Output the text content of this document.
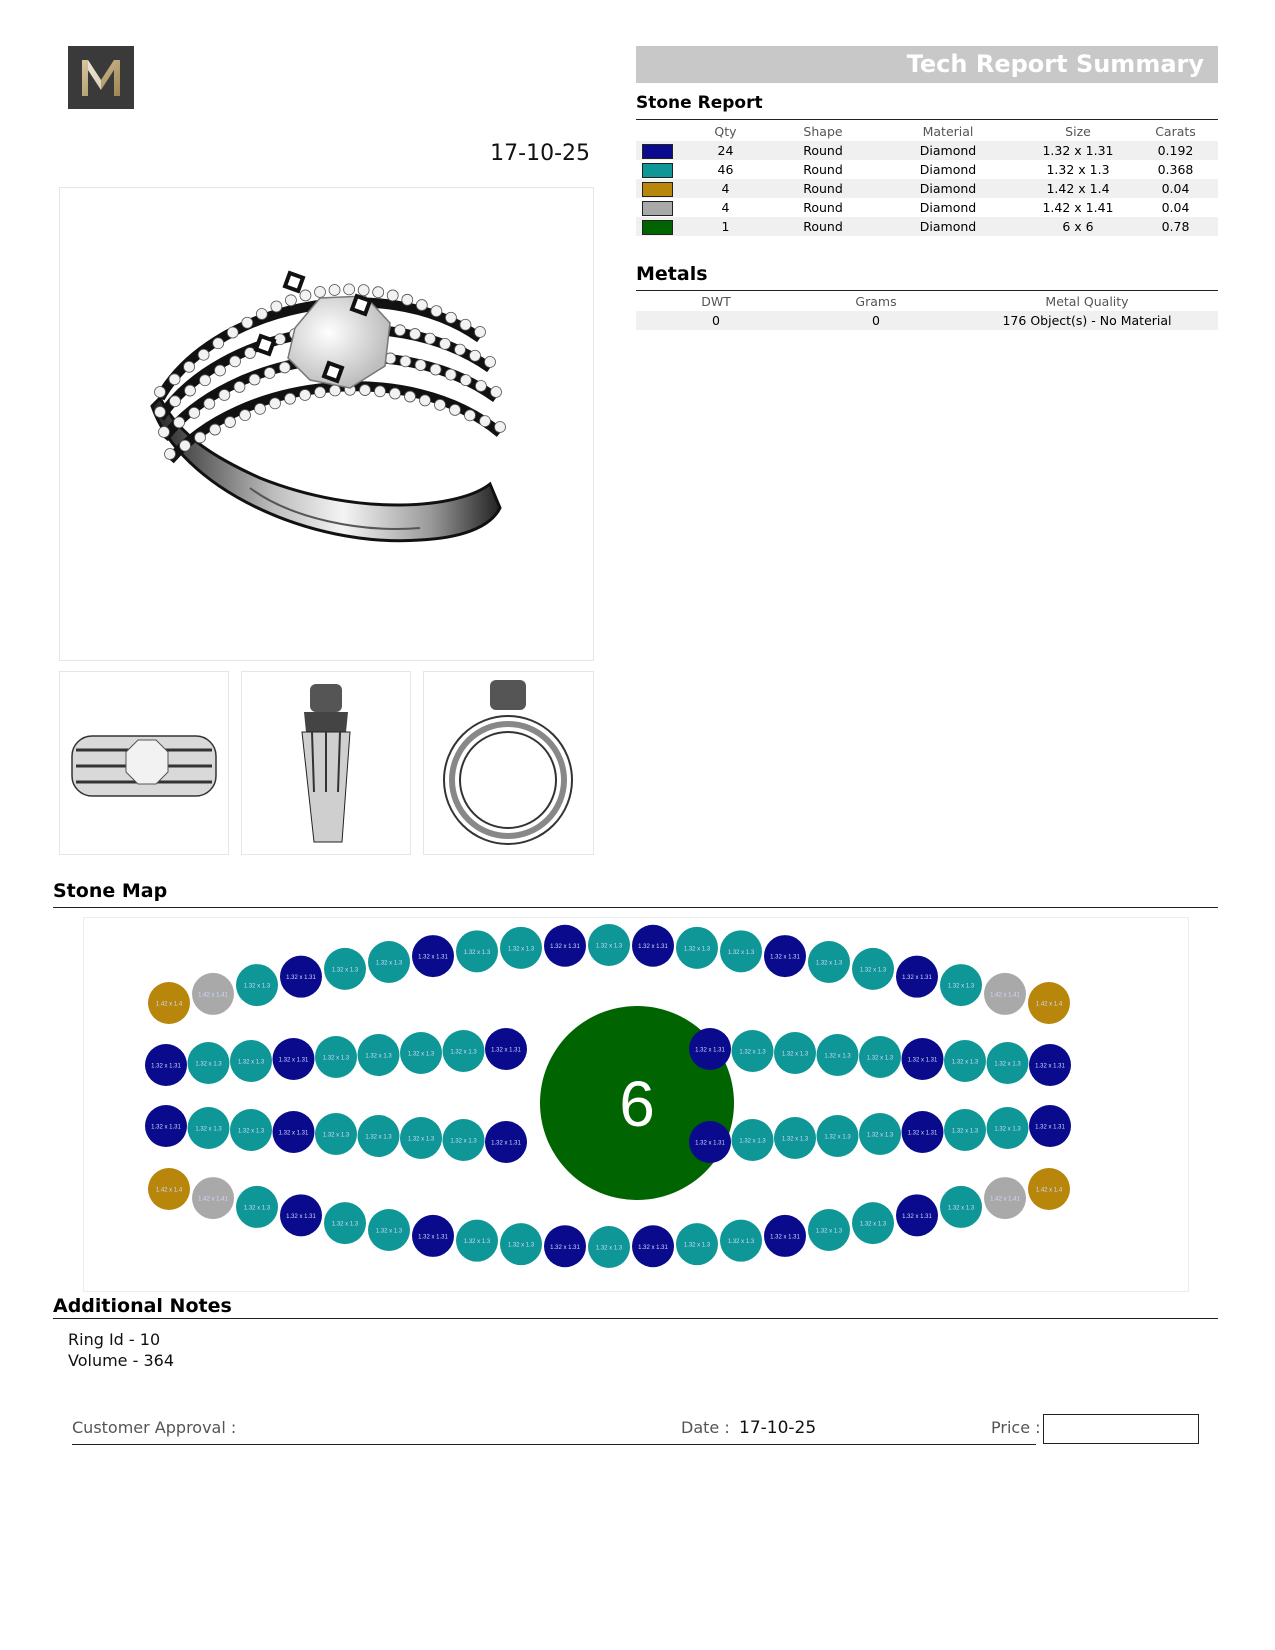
17-10-25
Tech Report Summary
Stone Report
	Qty	Shape	Material	Size	Carats
	24	Round	Diamond	1.32 x 1.31	0.192
	46	Round	Diamond	1.32 x 1.3	0.368
	4	Round	Diamond	1.42 x 1.4	0.04
	4	Round	Diamond	1.42 x 1.41	0.04
	1	Round	Diamond	6 x 6	0.78
Metals
DWT	Grams	Metal Quality
0	0	176 Object(s) - No Material
Stone Map
6
1.42 x 1.4
1.42 x 1.41
1.32 x 1.3
1.32 x 1.31
1.32 x 1.3
1.32 x 1.3
1.32 x 1.31
1.32 x 1.3
1.32 x 1.3	1.32 x 1.31	1.32 x 1.3	1.32 x 1.31	1.32 x 1.3
1.32 x 1.3
1.32 x 1.31
1.32 x 1.3
1.32 x 1.3
1.32 x 1.31
1.32 x 1.3
1.42 x 1.41
1.42 x 1.4
1.42 x 1.4
1.42 x 1.41
1.32 x 1.3
1.32 x 1.31
1.32 x 1.3
1.32 x 1.3
1.32 x 1.31
1.32 x 1.3
1.32 x 1.3	1.32 x 1.31	1.32 x 1.3	1.32 x 1.31	1.32 x 1.3
1.32 x 1.3
1.32 x 1.31
1.32 x 1.3
1.32 x 1.3
1.32 x 1.31
1.32 x 1.3
1.42 x 1.41
1.42 x 1.4
1.32 x 1.31 1.32 x 1.3	1.32 x 1.3 1.32 x 1.31 1.32 x 1.3	1.32 x 1.3	1.32 x 1.3	1.32 x 1.3 1.32 x 1.31	1.32 x 1.31 1.32 x 1.3	1.32 x 1.3	1.32 x 1.3	1.32 x 1.3 1.32 x 1.31 1.32 x 1.3	1.32 x 1.3 1.32 x 1.31
1.32 x 1.31 1.32 x 1.3	1.32 x 1.3 1.32 x 1.31 1.32 x 1.3	1.32 x 1.3	1.32 x 1.3	1.32 x 1.3 1.32 x 1.31	1.32 x 1.31 1.32 x 1.3	1.32 x 1.3	1.32 x 1.3	1.32 x 1.3 1.32 x 1.31 1.32 x 1.3	1.32 x 1.3 1.32 x 1.31
Additional Notes
Ring Id - 10
Volume - 364
Customer Approval :	Date : 17-10-25	Price :
